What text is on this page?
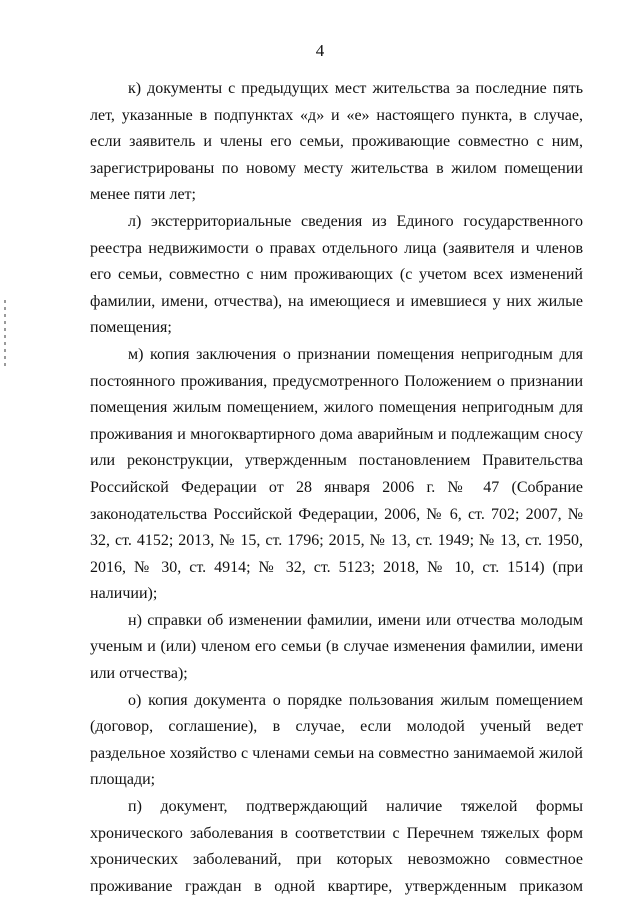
4

к) документы с предыдущих мест жительства за последние пять лет, указанные в подпунктах «д» и «е» настоящего пункта, в случае, если заявитель и члены его семьи, проживающие совместно с ним, зарегистрированы по новому месту жительства в жилом помещении менее пяти лет;

л) экстерриториальные сведения из Единого государственного реестра недвижимости о правах отдельного лица (заявителя и членов его семьи, совместно с ним проживающих (с учетом всех изменений фамилии, имени, отчества), на имеющиеся и имевшиеся у них жилые помещения;

м) копия заключения о признании помещения непригодным для постоянного проживания, предусмотренного Положением о признании помещения жилым помещением, жилого помещения непригодным для проживания и многоквартирного дома аварийным и подлежащим сносу или реконструкции, утвержденным постановлением Правительства Российской Федерации от 28 января 2006 г. № 47 (Собрание законодательства Российской Федерации, 2006, № 6, ст. 702; 2007, № 32, ст. 4152; 2013, № 15, ст. 1796; 2015, № 13, ст. 1949; № 13, ст. 1950, 2016, № 30, ст. 4914; № 32, ст. 5123; 2018, № 10, ст. 1514) (при наличии);

н) справки об изменении фамилии, имени или отчества молодым ученым и (или) членом его семьи (в случае изменения фамилии, имени или отчества);

о) копия документа о порядке пользования жилым помещением (договор, соглашение), в случае, если молодой ученый ведет раздельное хозяйство с членами семьи на совместно занимаемой жилой площади;

п) документ, подтверждающий наличие тяжелой формы хронического заболевания в соответствии с Перечнем тяжелых форм хронических заболеваний, при которых невозможно совместное проживание граждан в одной квартире, утвержденным приказом
